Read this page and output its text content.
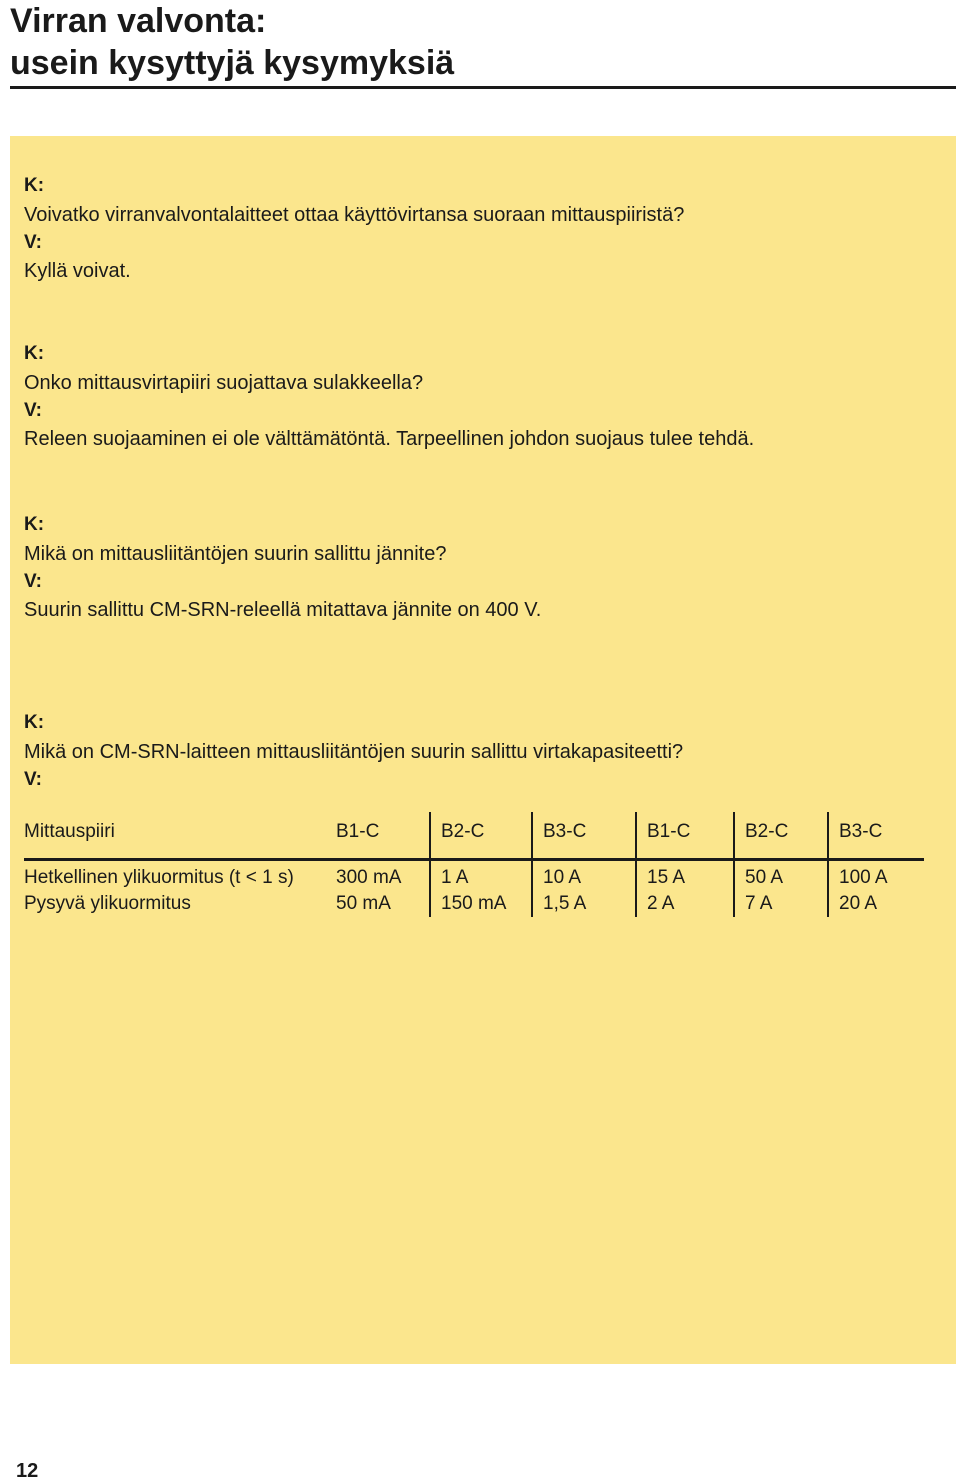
Virran valvonta:
usein kysyttyjä kysymyksiä
K:
Voivatko virranvalvontalaitteet ottaa käyttövirtansa suoraan mittauspiiristä?
V:
Kyllä voivat.
K:
Onko mittausvirtapiiri suojattava sulakkeella?
V:
Releen suojaaminen ei ole välttämätöntä. Tarpeellinen johdon suojaus tulee tehdä.
K:
Mikä on mittausliitäntöjen suurin sallittu jännite?
V:
Suurin sallittu CM-SRN-releellä mitattava jännite on 400 V.
K:
Mikä on CM-SRN-laitteen mittausliitäntöjen suurin sallittu virtakapasiteetti?
V:
Mittauspiiri	B1-C	B2-C	B3-C	B1-C	B2-C	B3-C

Hetkellinen ylikuormitus (t < 1 s)	300 mA	1 A	10 A	15 A	50 A	100 A
Pysyvä ylikuormitus	50 mA	150 mA	1,5 A	2 A	7 A	20 A
12
